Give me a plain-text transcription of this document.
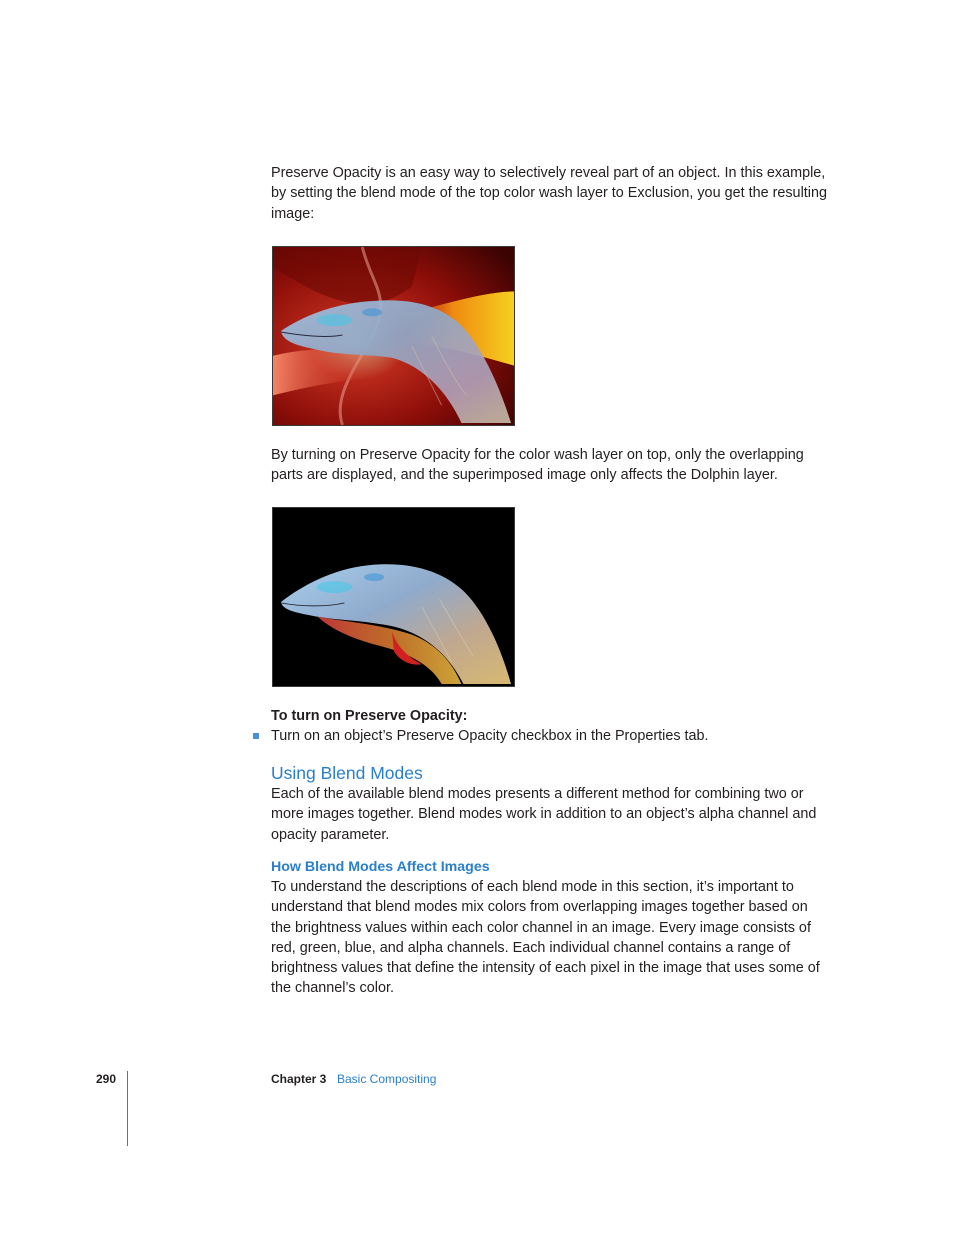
Preserve Opacity is an easy way to selectively reveal part of an object. In this example, by setting the blend mode of the top color wash layer to Exclusion, you get the resulting image:

By turning on Preserve Opacity for the color wash layer on top, only the overlapping parts are displayed, and the superimposed image only affects the Dolphin layer.

To turn on Preserve Opacity:
Turn on an object’s Preserve Opacity checkbox in the Properties tab.
Using Blend Modes

Each of the available blend modes presents a different method for combining two or more images together. Blend modes work in addition to an object’s alpha channel and opacity parameter.

How Blend Modes Affect Images

To understand the descriptions of each blend mode in this section, it’s important to understand that blend modes mix colors from overlapping images together based on the brightness values within each color channel in an image. Every image consists of red, green, blue, and alpha channels. Each individual channel contains a range of brightness values that define the intensity of each pixel in the image that uses some of the channel’s color.

290	Chapter 3 Basic Compositing
